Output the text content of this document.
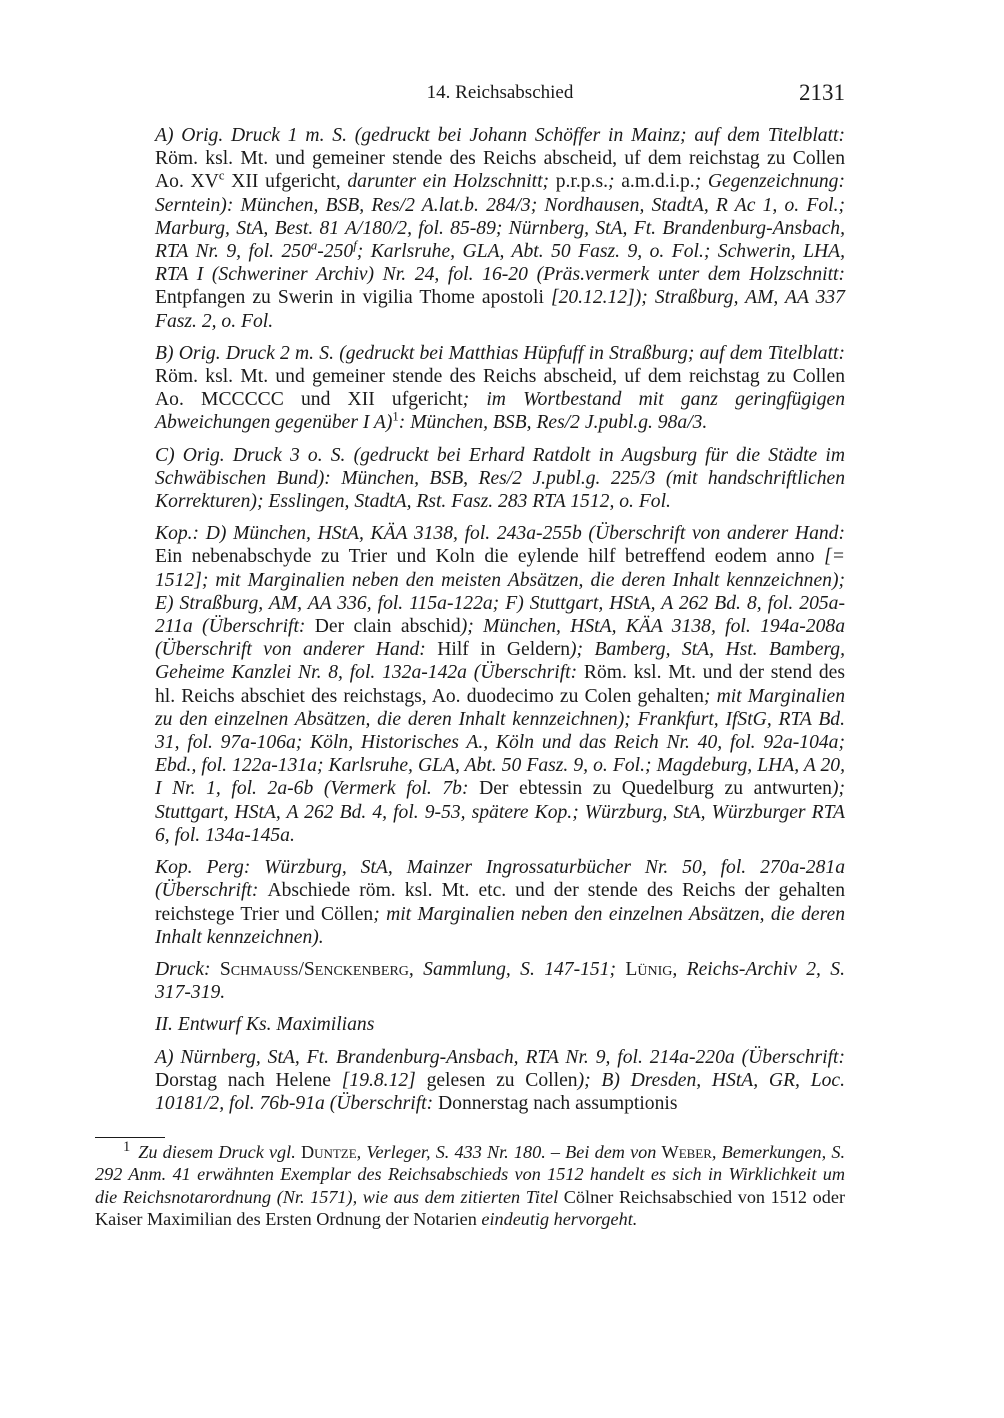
14. Reichsabschied	2131

A) Orig. Druck 1 m. S. (gedruckt bei Johann Schöffer in Mainz; auf dem Titelblatt: Röm. ksl. Mt. und gemeiner stende des Reichs abscheid, uf dem reichstag zu Collen Ao. $XV^c$ XII ufgericht, darunter ein Holzschnitt; p.r.p.s.; a.m.d.i.p.; Gegenzeichnung: Serntein): München, BSB, Res/2 A.lat.b. 284/3; Nordhausen, StadtA, R Ac 1, o. Fol.; Marburg, StA, Best. 81 A/180/2, fol. 85-89; Nürnberg, StA, Ft. Brandenburg-Ansbach, RTA Nr. 9, fol. 250$^a$-250$^f$; Karlsruhe, GLA, Abt. 50 Fasz. 9, o. Fol.; Schwerin, LHA, RTA I (Schweriner Archiv) Nr. 24, fol. 16-20 (Präs.vermerk unter dem Holzschnitt: Entpfangen zu Swerin in vigilia Thome apostoli [20.12.12]); Straßburg, AM, AA 337 Fasz. 2, o. Fol.

B) Orig. Druck 2 m. S. (gedruckt bei Matthias Hüpfuff in Straßburg; auf dem Titelblatt: Röm. ksl. Mt. und gemeiner stende des Reichs abscheid, uf dem reichstag zu Collen Ao. MCCCCC und XII ufgericht; im Wortbestand mit ganz geringfügigen Abweichungen gegenüber I A)$^1$: München, BSB, Res/2 J.publ.g. 98a/3.

C) Orig. Druck 3 o. S. (gedruckt bei Erhard Ratdolt in Augsburg für die Städte im Schwäbischen Bund): München, BSB, Res/2 J.publ.g. 225/3 (mit handschriftlichen Korrekturen); Esslingen, StadtA, Rst. Fasz. 283 RTA 1512, o. Fol.

Kop.: D) München, HStA, KÄA 3138, fol. 243a-255b (Überschrift von anderer Hand: Ein nebenabschyde zu Trier und Koln die eylende hilf betreffend eodem anno [= 1512]; mit Marginalien neben den meisten Absätzen, die deren Inhalt kennzeichnen); E) Straßburg, AM, AA 336, fol. 115a-122a; F) Stuttgart, HStA, A 262 Bd. 8, fol. 205a-211a (Überschrift: Der clain abschid); München, HStA, KÄA 3138, fol. 194a-208a (Überschrift von anderer Hand: Hilf in Geldern); Bamberg, StA, Hst. Bamberg, Geheime Kanzlei Nr. 8, fol. 132a-142a (Überschrift: Röm. ksl. Mt. und der stend des hl. Reichs abschiet des reichstags, Ao. duodecimo zu Colen gehalten; mit Marginalien zu den einzelnen Absätzen, die deren Inhalt kennzeichnen); Frankfurt, IfStG, RTA Bd. 31, fol. 97a-106a; Köln, Historisches A., Köln und das Reich Nr. 40, fol. 92a-104a; Ebd., fol. 122a-131a; Karlsruhe, GLA, Abt. 50 Fasz. 9, o. Fol.; Magdeburg, LHA, A 20, I Nr. 1, fol. 2a-6b (Vermerk fol. 7b: Der ebtessin zu Quedelburg zu antwurten); Stuttgart, HStA, A 262 Bd. 4, fol. 9-53, spätere Kop.; Würzburg, StA, Würzburger RTA 6, fol. 134a-145a.

Kop. Perg: Würzburg, StA, Mainzer Ingrossaturbücher Nr. 50, fol. 270a-281a (Überschrift: Abschiede röm. ksl. Mt. etc. und der stende des Reichs der gehalten reichstege Trier und Cöllen; mit Marginalien neben den einzelnen Absätzen, die deren Inhalt kennzeichnen).

Druck: Schmauss/Senckenberg, Sammlung, S. 147-151; Lünig, Reichs-Archiv 2, S. 317-319.

II. Entwurf Ks. Maximilians

A) Nürnberg, StA, Ft. Brandenburg-Ansbach, RTA Nr. 9, fol. 214a-220a (Überschrift: Dorstag nach Helene [19.8.12] gelesen zu Collen); B) Dresden, HStA, GR, Loc. 10181/2, fol. 76b-91a (Überschrift: Donnerstag nach assumptionis

$^1$ Zu diesem Druck vgl. Duntze, Verleger, S. 433 Nr. 180. – Bei dem von Weber, Bemerkungen, S. 292 Anm. 41 erwähnten Exemplar des Reichsabschieds von 1512 handelt es sich in Wirklichkeit um die Reichsnotarordnung (Nr. 1571), wie aus dem zitierten Titel Cölner Reichsabschied von 1512 oder Kaiser Maximilian des Ersten Ordnung der Notarien eindeutig hervorgeht.
